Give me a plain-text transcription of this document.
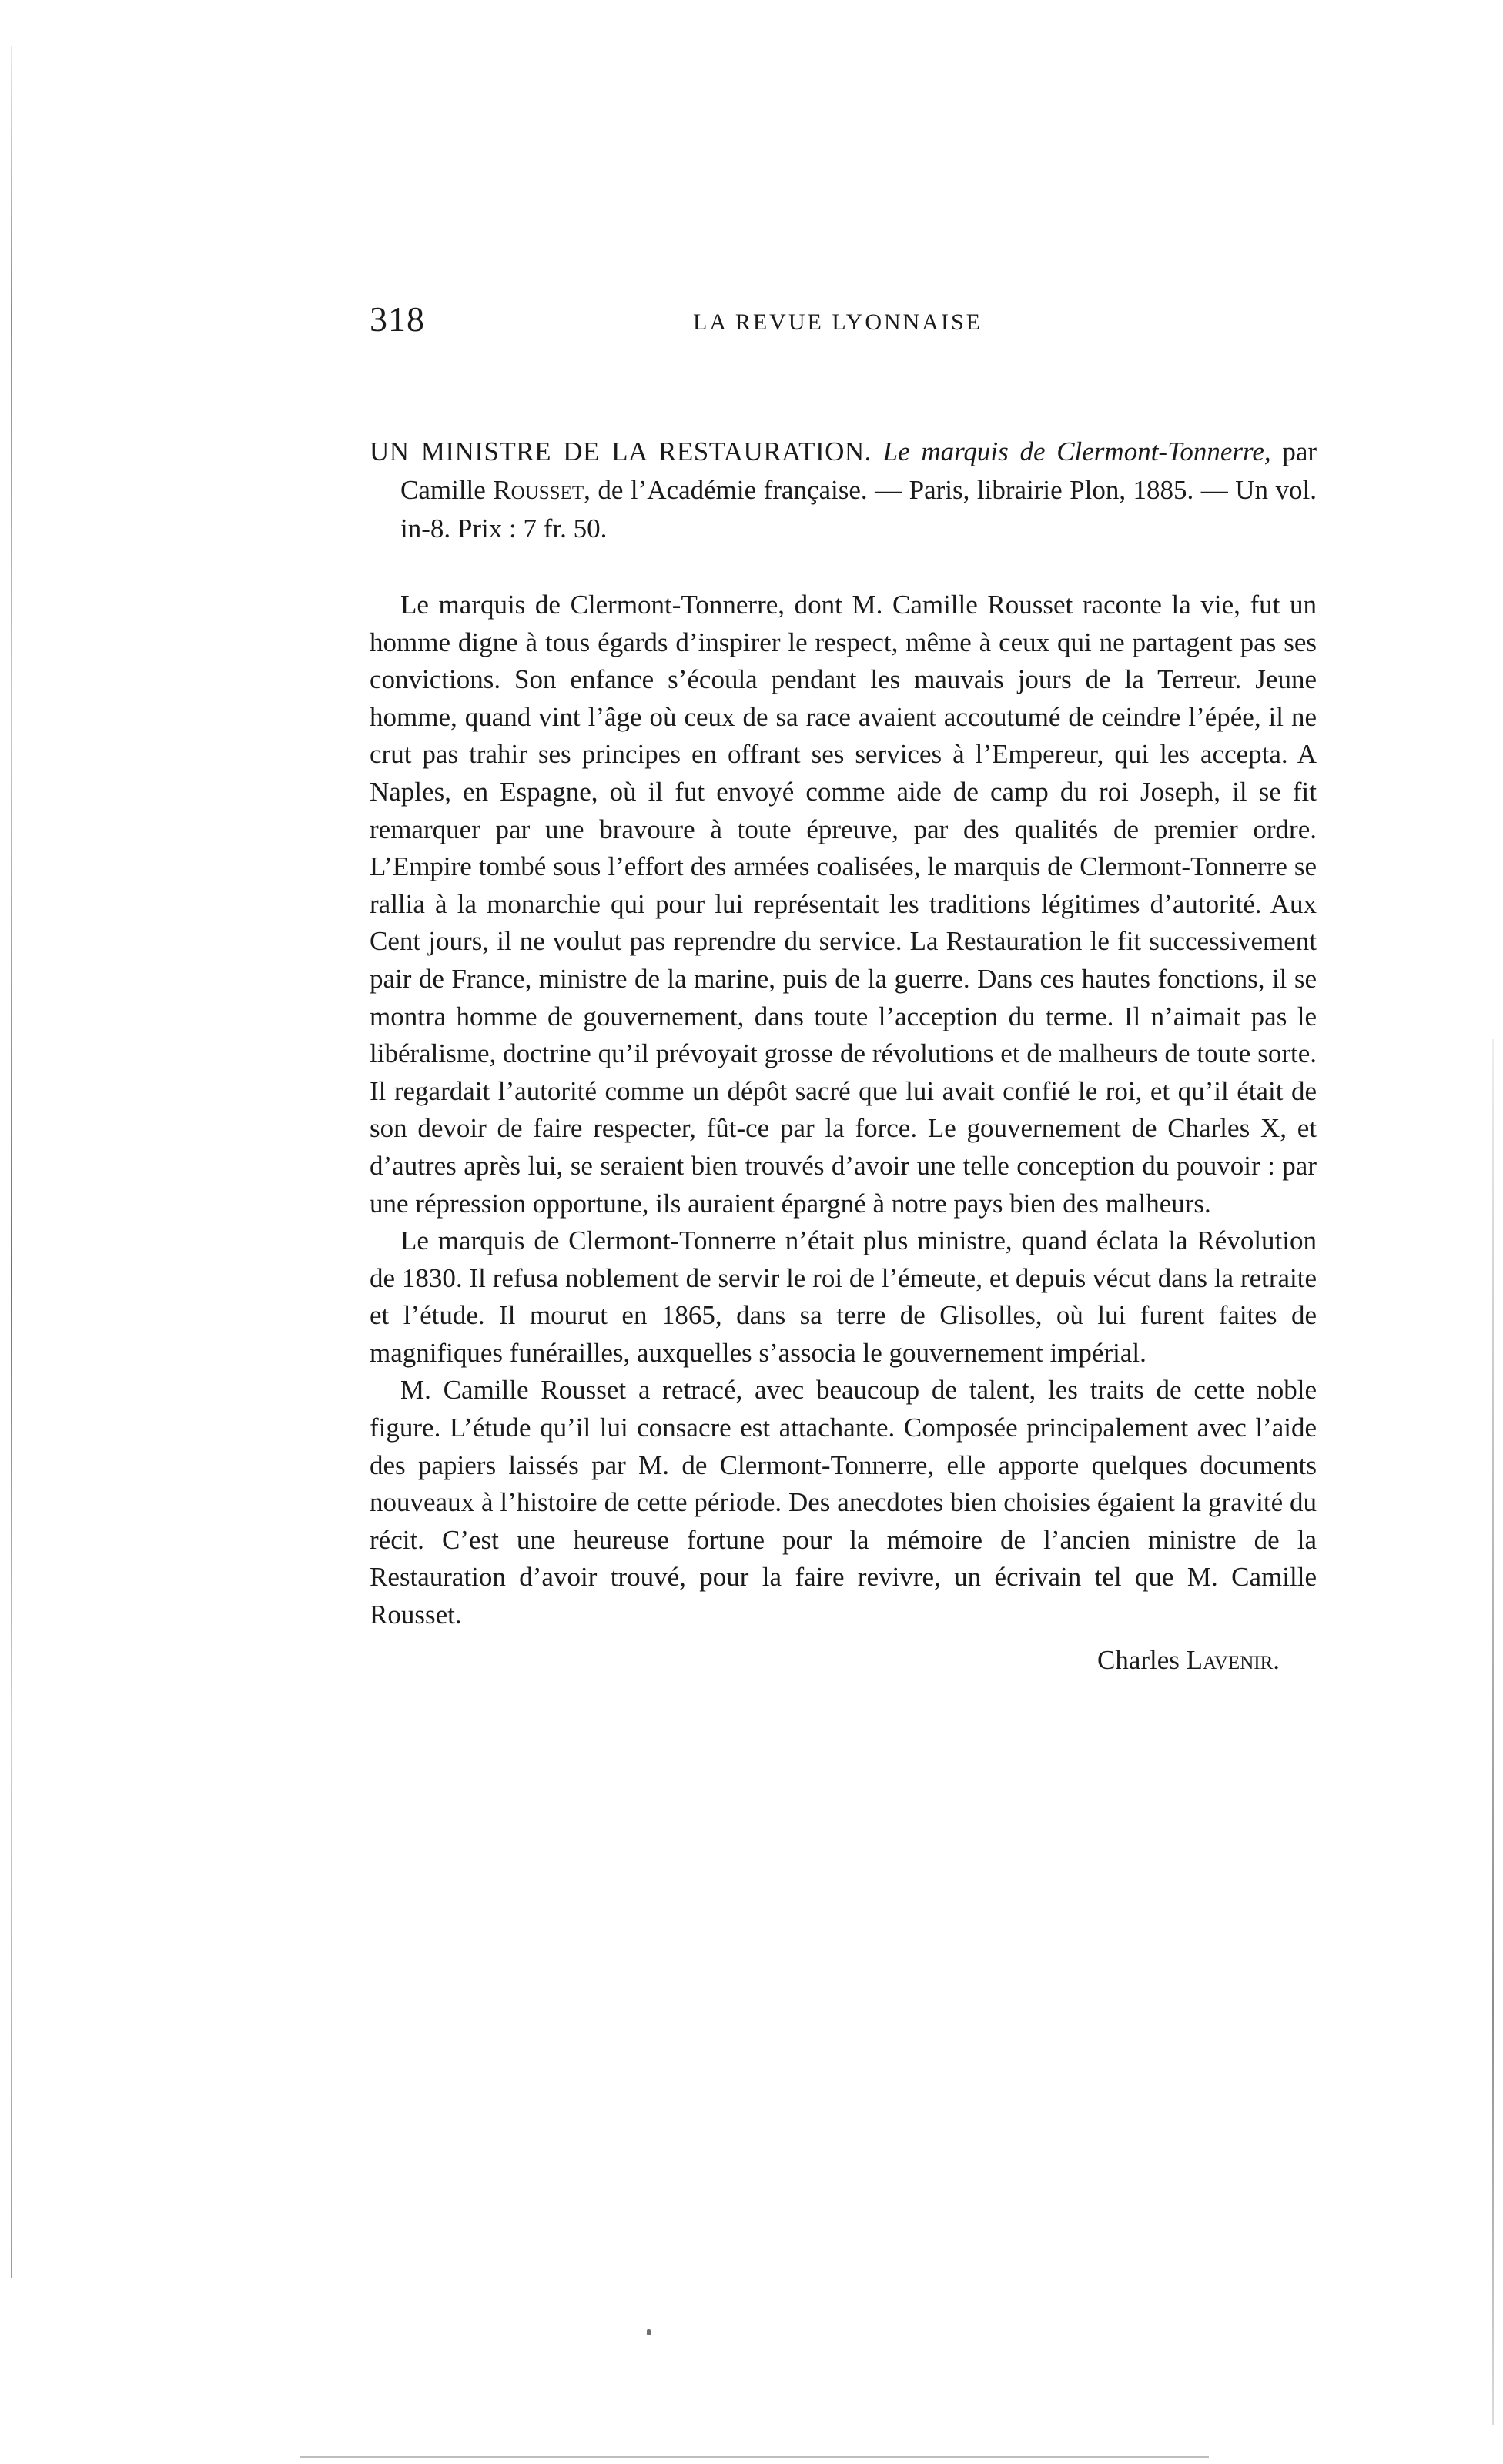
318	LA REVUE LYONNAISE

UN MINISTRE DE LA RESTAURATION. Le marquis de Clermont-Tonnerre, par Camille Rousset, de l’Académie française. — Paris, librairie Plon, 1885. — Un vol. in-8. Prix : 7 fr. 50.

Le marquis de Clermont-Tonnerre, dont M. Camille Rousset raconte la vie, fut un homme digne à tous égards d’inspirer le respect, même à ceux qui ne partagent pas ses convictions. Son enfance s’écoula pendant les mauvais jours de la Terreur. Jeune homme, quand vint l’âge où ceux de sa race avaient accoutumé de ceindre l’épée, il ne crut pas trahir ses principes en offrant ses services à l’Empereur, qui les accepta. A Naples, en Espagne, où il fut envoyé comme aide de camp du roi Joseph, il se fit remarquer par une bravoure à toute épreuve, par des qualités de premier ordre. L’Empire tombé sous l’effort des armées coalisées, le marquis de Clermont-Tonnerre se rallia à la monarchie qui pour lui représentait les traditions légitimes d’autorité. Aux Cent jours, il ne voulut pas reprendre du service. La Restauration le fit successivement pair de France, ministre de la marine, puis de la guerre. Dans ces hautes fonctions, il se montra homme de gouvernement, dans toute l’acception du terme. Il n’aimait pas le libéralisme, doctrine qu’il prévoyait grosse de révolutions et de malheurs de toute sorte. Il regardait l’autorité comme un dépôt sacré que lui avait confié le roi, et qu’il était de son devoir de faire respecter, fût-ce par la force. Le gouvernement de Charles X, et d’autres après lui, se seraient bien trouvés d’avoir une telle conception du pouvoir : par une répression opportune, ils auraient épargné à notre pays bien des malheurs.

Le marquis de Clermont-Tonnerre n’était plus ministre, quand éclata la Révolution de 1830. Il refusa noblement de servir le roi de l’émeute, et depuis vécut dans la retraite et l’étude. Il mourut en 1865, dans sa terre de Glisolles, où lui furent faites de magnifiques funérailles, auxquelles s’associa le gouvernement impérial.

M. Camille Rousset a retracé, avec beaucoup de talent, les traits de cette noble figure. L’étude qu’il lui consacre est attachante. Composée principalement avec l’aide des papiers laissés par M. de Clermont-Tonnerre, elle apporte quelques documents nouveaux à l’histoire de cette période. Des anecdotes bien choisies égaient la gravité du récit. C’est une heureuse fortune pour la mémoire de l’ancien ministre de la Restauration d’avoir trouvé, pour la faire revivre, un écrivain tel que M. Camille Rousset.

Charles Lavenir.
